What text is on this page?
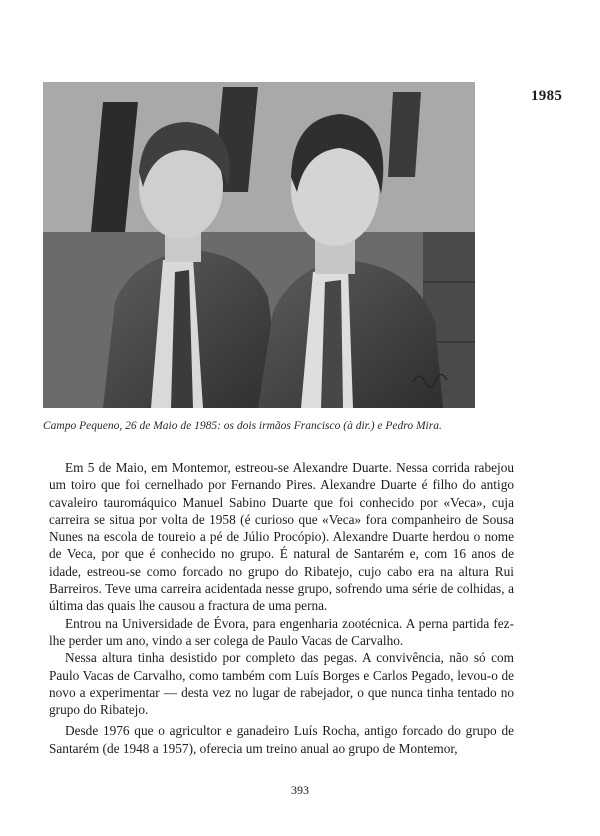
1985
Campo Pequeno, 26 de Maio de 1985: os dois irmãos Francisco (à dir.) e Pedro Mira.

Em 5 de Maio, em Montemor, estreou-se Alexandre Duarte. Nessa corrida rabejou um toiro que foi cernelhado por Fernando Pires. Alexandre Duarte é filho do antigo cavaleiro tauromáquico Manuel Sabino Duarte que foi conhecido por «Veca», cuja carreira se situa por volta de 1958 (é curioso que «Veca» fora companheiro de Sousa Nunes na escola de toureio a pé de Júlio Procópio). Alexandre Duarte herdou o nome de Veca, por que é conhecido no grupo. É natural de Santarém e, com 16 anos de idade, estreou-se como forcado no grupo do Ribatejo, cujo cabo era na altura Rui Barreiros. Teve uma carreira acidentada nesse grupo, sofrendo uma série de colhidas, a última das quais lhe causou a fractura de uma perna.

Entrou na Universidade de Évora, para engenharia zootécnica. A perna partida fez-lhe perder um ano, vindo a ser colega de Paulo Vacas de Carvalho.

Nessa altura tinha desistido por completo das pegas. A convivência, não só com Paulo Vacas de Carvalho, como também com Luís Borges e Carlos Pegado, levou-o de novo a experimentar — desta vez no lugar de rabejador, o que nunca tinha tentado no grupo do Ribatejo.

Desde 1976 que o agricultor e ganadeiro Luís Rocha, antigo forcado do grupo de Santarém (de 1948 a 1957), oferecia um treino anual ao grupo de Montemor,

393
